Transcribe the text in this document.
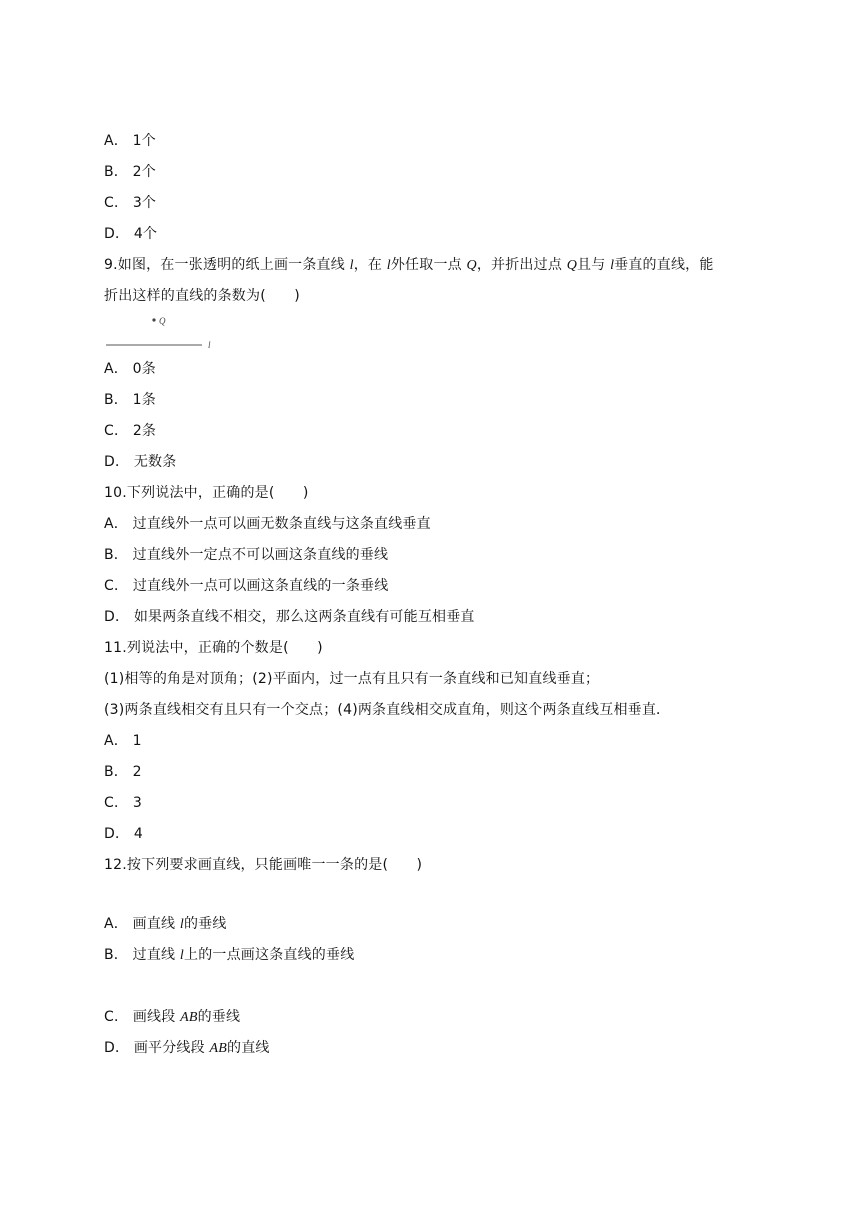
A． 1个
B． 2个
C． 3个
D． 4个
9.如图，在一张透明的纸上画一条直线 l，在 l外任取一点 Q，并折出过点 Q且与 l垂直的直线，能
折出这样的直线的条数为(　　)
Q
l
A． 0条
B． 1条
C． 2条
D． 无数条
10.下列说法中，正确的是(　　)
A． 过直线外一点可以画无数条直线与这条直线垂直
B． 过直线外一定点不可以画这条直线的垂线
C． 过直线外一点可以画这条直线的一条垂线
D． 如果两条直线不相交，那么这两条直线有可能互相垂直
11.列说法中，正确的个数是(　　)
(1)相等的角是对顶角；(2)平面内，过一点有且只有一条直线和已知直线垂直；
(3)两条直线相交有且只有一个交点；(4)两条直线相交成直角，则这个两条直线互相垂直．
A． 1
B． 2
C． 3
D． 4
12.按下列要求画直线，只能画唯一一条的是(　　)
A． 画直线 l的垂线
B． 过直线 l上的一点画这条直线的垂线
C． 画线段 AB的垂线
D． 画平分线段 AB的直线
